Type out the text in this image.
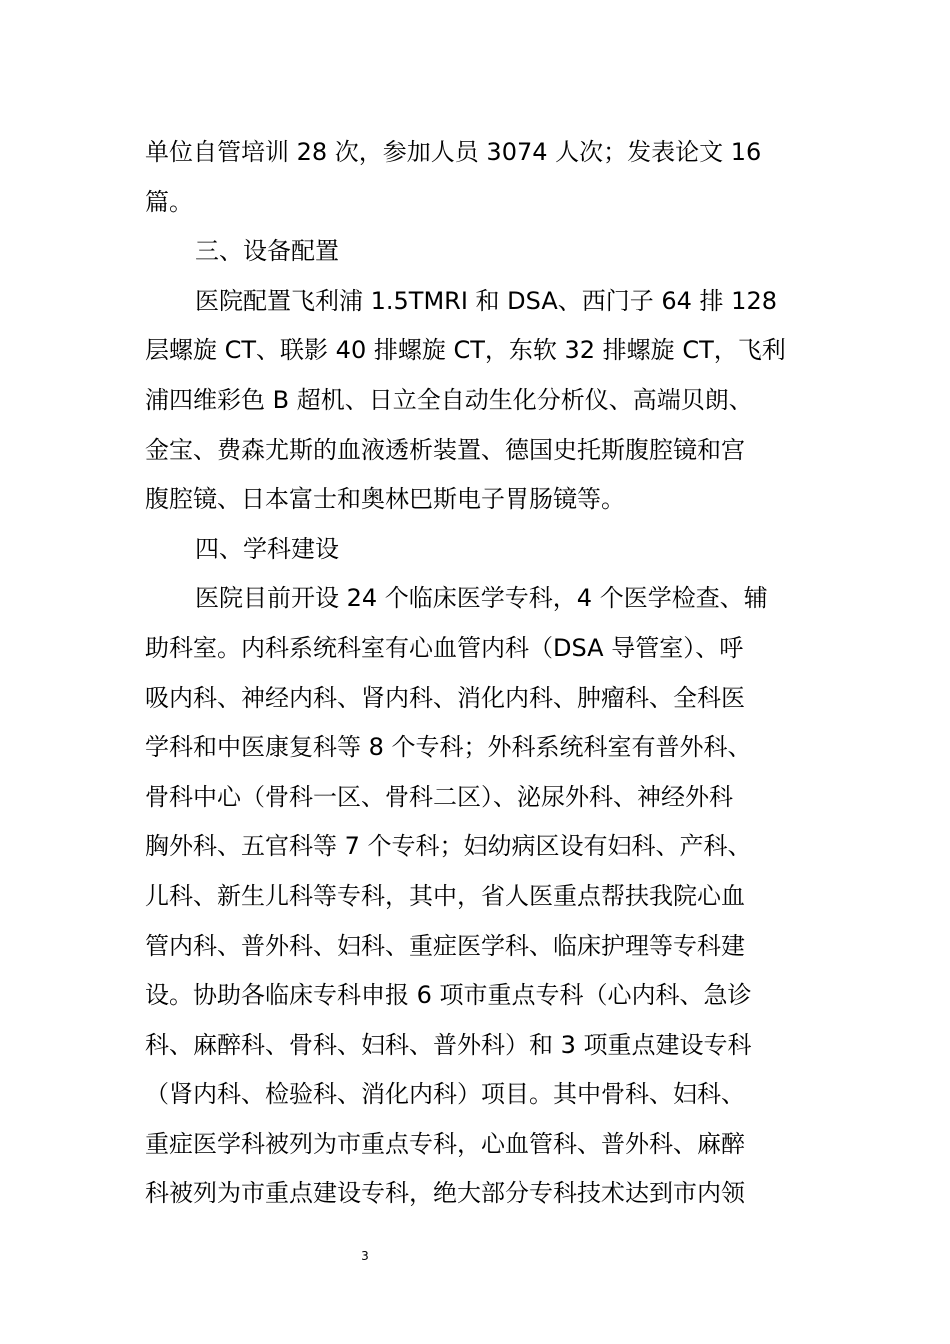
单位自管培训 28 次，参加人员 3074 人次；发表论文 16
篇。
三、设备配置
医院配置飞利浦 1.5TMRI 和 DSA、西门子 64 排 128
层螺旋 CT、联影 40 排螺旋 CT，东软 32 排螺旋 CT，飞利
浦四维彩色 B 超机、日立全自动生化分析仪、高端贝朗、
金宝、费森尤斯的血液透析装置、德国史托斯腹腔镜和宫
腹腔镜、日本富士和奥林巴斯电子胃肠镜等。
四、学科建设
医院目前开设 24 个临床医学专科，4 个医学检查、辅
助科室。内科系统科室有心血管内科（DSA 导管室）、呼
吸内科、神经内科、肾内科、消化内科、肿瘤科、全科医
学科和中医康复科等 8 个专科；外科系统科室有普外科、
骨科中心（骨科一区、骨科二区）、泌尿外科、神经外科
胸外科、五官科等 7 个专科；妇幼病区设有妇科、产科、
儿科、新生儿科等专科，其中，省人医重点帮扶我院心血
管内科、普外科、妇科、重症医学科、临床护理等专科建
设。协助各临床专科申报 6 项市重点专科（心内科、急诊
科、麻醉科、骨科、妇科、普外科）和 3 项重点建设专科
（肾内科、检验科、消化内科）项目。其中骨科、妇科、
重症医学科被列为市重点专科，心血管科、普外科、麻醉
科被列为市重点建设专科，绝大部分专科技术达到市内领
3
